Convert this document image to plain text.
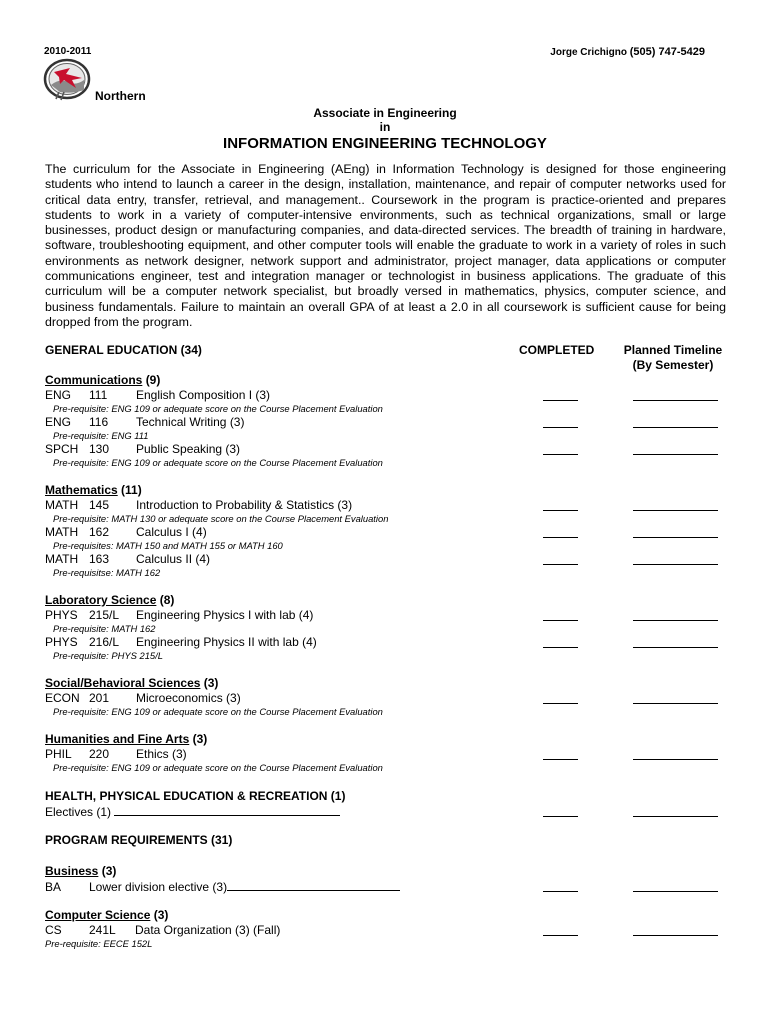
2010-2011	Jorge Crichigno (505) 747-5429
Northern
Associate in Engineering
in
INFORMATION ENGINEERING TECHNOLOGY

The curriculum for the Associate in Engineering (AEng) in Information Technology is designed for those engineering students who intend to launch a career in the design, installation, maintenance, and repair of computer networks used for critical data entry, transfer, retrieval, and management.. Coursework in the program is practice-oriented and prepares students to work in a variety of computer-intensive environments, such as technical organizations, small or large businesses, product design or manufacturing companies, and data-directed services. The breadth of training in hardware, software, troubleshooting equipment, and other computer tools will enable the graduate to work in a variety of roles in such environments as network designer, network support and administrator, project manager, data applications or computer communications engineer, test and integration manager or technologist in business applications. The graduate of this curriculum will be a computer network specialist, but broadly versed in mathematics, physics, computer science, and business fundamentals. Failure to maintain an overall GPA of at least a 2.0 in all coursework is sufficient cause for being dropped from the program.

GENERAL EDUCATION (34)	COMPLETED	Planned Timeline
(By Semester)
Communications (9)
ENG 111 English Composition I (3)
Pre-requisite: ENG 109 or adequate score on the Course Placement Evaluation
ENG 116 Technical Writing (3)
Pre-requisite: ENG 111
SPCH 130 Public Speaking (3)
Pre-requisite: ENG 109 or adequate score on the Course Placement Evaluation
Mathematics (11)
MATH 145 Introduction to Probability & Statistics (3)
Pre-requisite: MATH 130 or adequate score on the Course Placement Evaluation
MATH 162 Calculus I (4)
Pre-requisites: MATH 150 and MATH 155 or MATH 160
MATH 163 Calculus II (4)
Pre-requisitse: MATH 162
Laboratory Science (8)
PHYS 215/L Engineering Physics I with lab (4)
Pre-requisite: MATH 162
PHYS 216/L Engineering Physics II with lab (4)
Pre-requisite: PHYS 215/L
Social/Behavioral Sciences (3)
ECON 201 Microeconomics (3)
Pre-requisite: ENG 109 or adequate score on the Course Placement Evaluation
Humanities and Fine Arts (3)
PHIL 220 Ethics (3)
Pre-requisite: ENG 109 or adequate score on the Course Placement Evaluation
HEALTH, PHYSICAL EDUCATION & RECREATION (1)
Electives (1)
PROGRAM REQUIREMENTS (31)
Business (3)
BA Lower division elective (3)
Computer Science (3)
CS 241L Data Organization (3) (Fall)
Pre-requisite: EECE 152L
